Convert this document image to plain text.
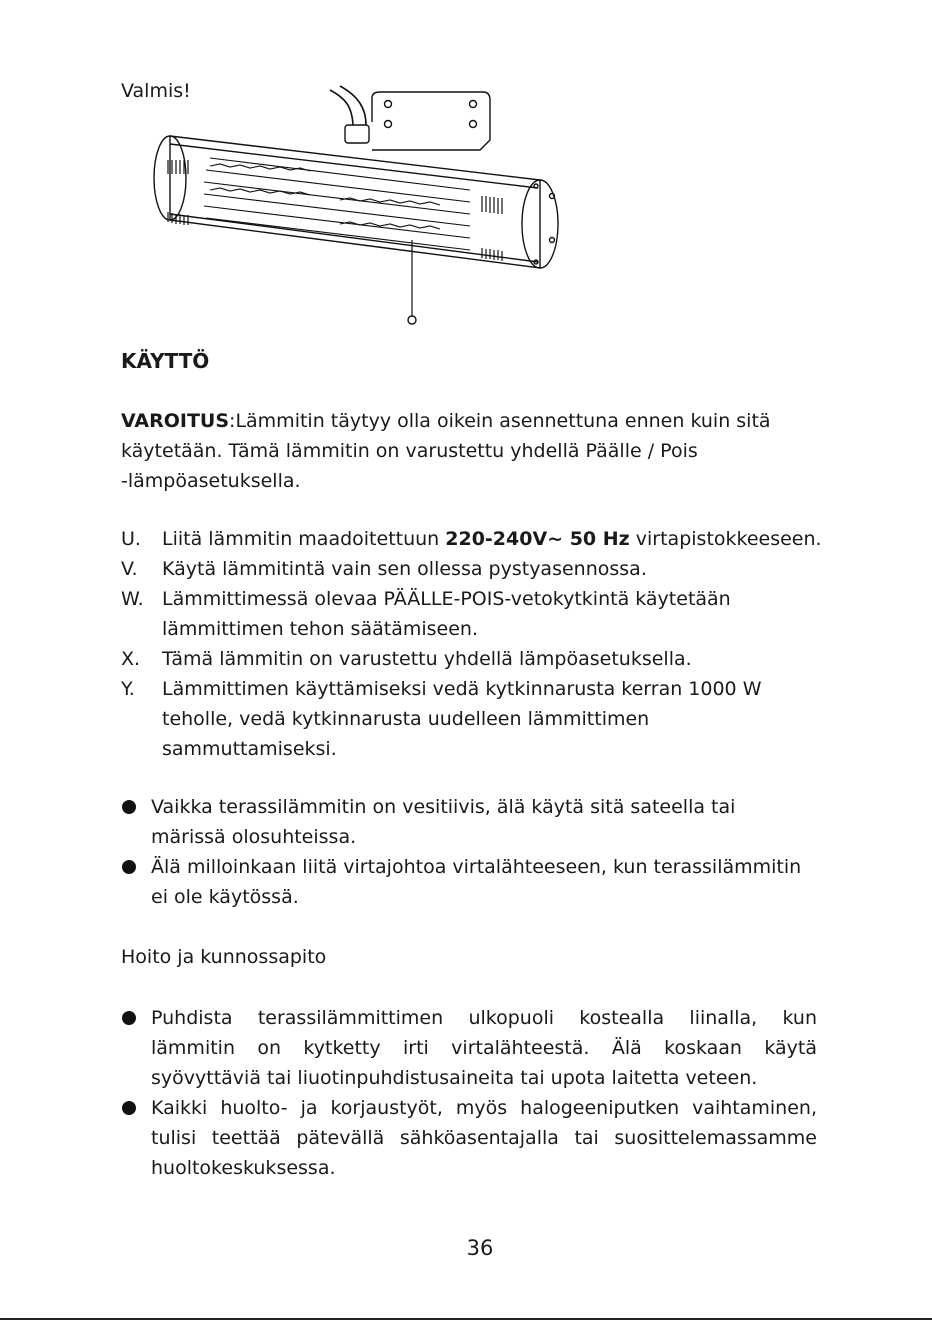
Valmis!
KÄYTTÖ
VAROITUS:Lämmitin täytyy olla oikein asennettuna ennen kuin sitä
käytetään. Tämä lämmitin on varustettu yhdellä Päälle / Pois
-lämpöasetuksella.
U. Liitä lämmitin maadoitettuun 220-240V~ 50 Hz virtapistokkeeseen.
V. Käytä lämmitintä vain sen ollessa pystyasennossa.
W. Lämmittimessä olevaa PÄÄLLE-POIS-vetokytkintä käytetään
lämmittimen tehon säätämiseen.
X. Tämä lämmitin on varustettu yhdellä lämpöasetuksella.
Y. Lämmittimen käyttämiseksi vedä kytkinnarusta kerran 1000 W
teholle, vedä kytkinnarusta uudelleen lämmittimen
sammuttamiseksi.
Vaikka terassilämmitin on vesitiivis, älä käytä sitä sateella tai
märissä olosuhteissa.
Älä milloinkaan liitä virtajohtoa virtalähteeseen, kun terassilämmitin
ei ole käytössä.
Hoito ja kunnossapito
Puhdista terassilämmittimen ulkopuoli kostealla liinalla, kun
lämmitin on kytketty irti virtalähteestä. Älä koskaan käytä
syövyttäviä tai liuotinpuhdistusaineita tai upota laitetta veteen.
Kaikki huolto- ja korjaustyöt, myös halogeeniputken vaihtaminen,
tulisi teettää pätevällä sähköasentajalla tai suosittelemassamme
huoltokeskuksessa.
36
